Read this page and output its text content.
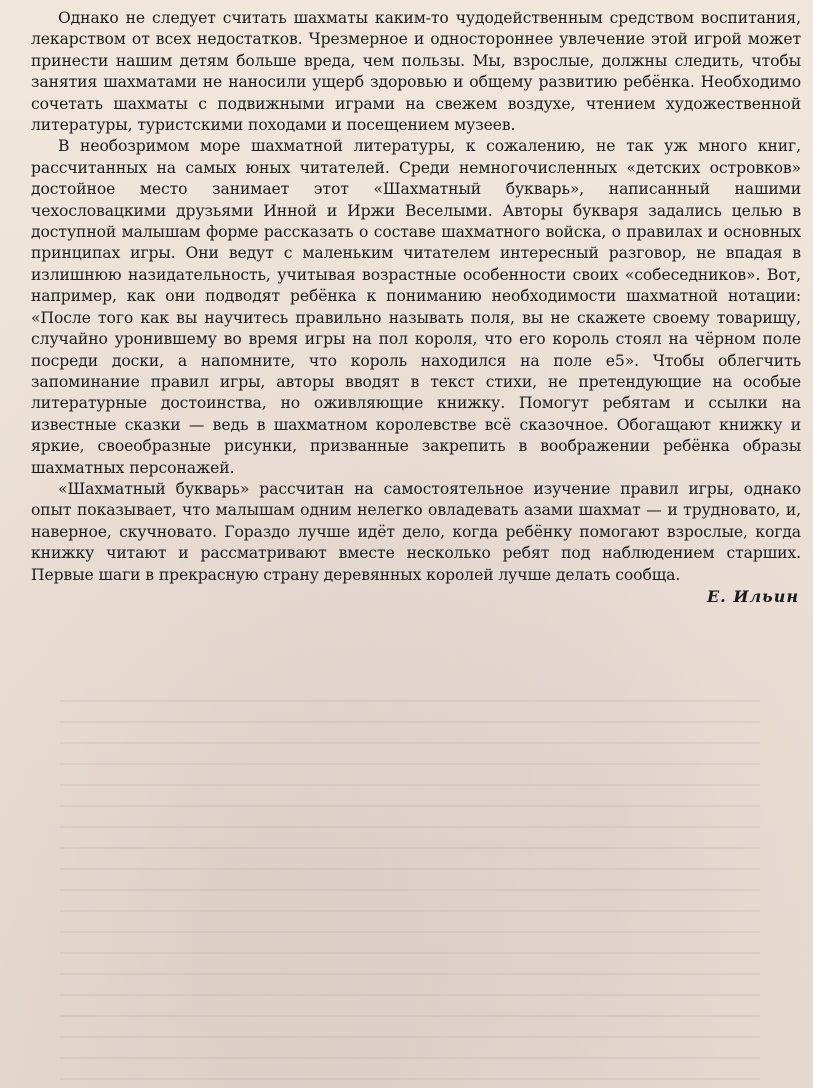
Однако не следует считать шахматы каким-то чудодейственным средством воспитания, лекарством от всех недостатков. Чрезмерное и одностороннее увлечение этой игрой может принести нашим детям больше вреда, чем пользы. Мы, взрослые, должны следить, чтобы занятия шахматами не наносили ущерб здоровью и общему развитию ребёнка. Необходимо сочетать шахматы с подвижными играми на свежем воздухе, чтением художественной литературы, туристскими походами и посещением музеев.

В необозримом море шахматной литературы, к сожалению, не так уж много книг, рассчитанных на самых юных читателей. Среди немногочисленных «детских островков» достойное место занимает этот «Шахматный букварь», написанный нашими чехословацкими друзьями Инной и Иржи Веселыми. Авторы букваря задались целью в доступной малышам форме рассказать о составе шахматного войска, о правилах и основных принципах игры. Они ведут с маленьким читателем интересный разговор, не впадая в излишнюю назидательность, учитывая возрастные особенности своих «собеседников». Вот, например, как они подводят ребёнка к пониманию необходимости шахматной нотации: «После того как вы научитесь правильно называть поля, вы не скажете своему товарищу, случайно уронившему во время игры на пол короля, что его король стоял на чёрном поле посреди доски, а напомните, что король находился на поле е5». Чтобы облегчить запоминание правил игры, авторы вводят в текст стихи, не претендующие на особые литературные достоинства, но оживляющие книжку. Помогут ребятам и ссылки на известные сказки — ведь в шахматном королевстве всё сказочное. Обогащают книжку и яркие, своеобразные рисунки, призванные закрепить в воображении ребёнка образы шахматных персонажей.

«Шахматный букварь» рассчитан на самостоятельное изучение правил игры, однако опыт показывает, что малышам одним нелегко овладевать азами шахмат — и трудновато, и, наверное, скучновато. Гораздо лучше идёт дело, когда ребёнку помогают взрослые, когда книжку читают и рассматривают вместе несколько ребят под наблюдением старших. Первые шаги в прекрасную страну деревянных королей лучше делать сообща.

Е. Ильин
